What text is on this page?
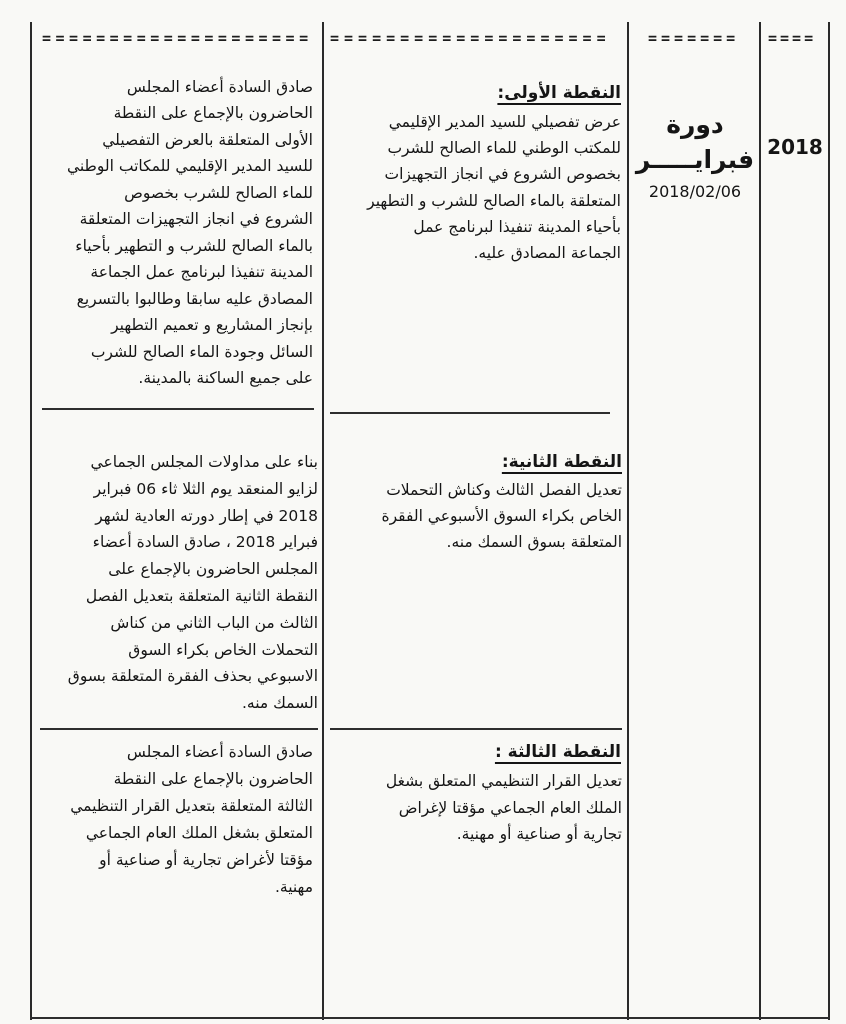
==================== ==================== ======= ====
2018
دورة
فبرايـــــر
2018/02/06
النقطة الأولى:
عرض تفصيلي للسيد المدير الإقليمي
للمكتب الوطني للماء الصالح للشرب
بخصوص الشروع في انجاز التجهيزات
المتعلقة بالماء الصالح للشرب و التطهير
بأحياء المدينة تنفيذا لبرنامج عمل
الجماعة المصادق عليه.
صادق السادة أعضاء المجلس
الحاضرون بالإجماع على النقطة
الأولى المتعلقة بالعرض التفصيلي
للسيد المدير الإقليمي للمكاتب الوطني
للماء الصالح للشرب بخصوص
الشروع في انجاز التجهيزات المتعلقة
بالماء الصالح للشرب و التطهير بأحياء
المدينة تنفيذا لبرنامج عمل الجماعة
المصادق عليه سابقا وطالبوا بالتسريع
بإنجاز المشاريع و تعميم التطهير
السائل وجودة الماء الصالح للشرب
على جميع الساكنة بالمدينة.
النقطة الثانية:
تعديل الفصل الثالث وكناش التحملات
الخاص بكراء السوق الأسبوعي الفقرة
المتعلقة بسوق السمك منه.
بناء على مداولات المجلس الجماعي
لزايو المنعقد يوم الثلا ثاء 06 فبراير
2018 في إطار دورته العادية لشهر
فبراير 2018 ، صادق السادة أعضاء
المجلس الحاضرون بالإجماع على
النقطة الثانية المتعلقة بتعديل الفصل
الثالث من الباب الثاني من كناش
التحملات الخاص بكراء السوق
الاسبوعي بحذف الفقرة المتعلقة بسوق
السمك منه.
النقطة الثالثة :
تعديل القرار التنظيمي المتعلق بشغل
الملك العام الجماعي مؤقتا لإغراض
تجارية أو صناعية أو مهنية.
صادق السادة أعضاء المجلس
الحاضرون بالإجماع على النقطة
الثالثة المتعلقة بتعديل القرار التنظيمي
المتعلق بشغل الملك العام الجماعي
مؤقتا لأغراض تجارية أو صناعية أو
مهنية.
